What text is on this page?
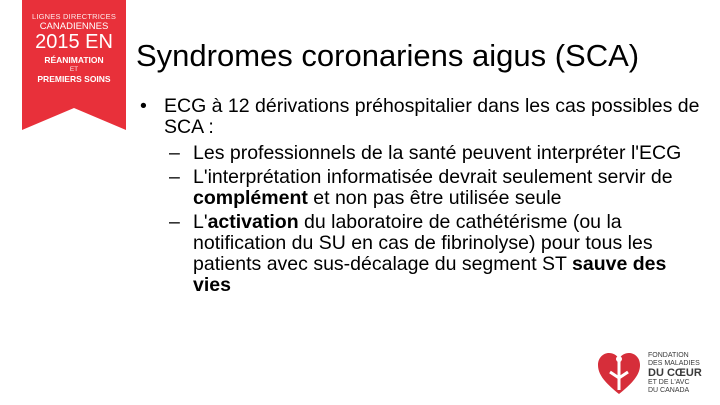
LIGNES DIRECTRICES
CANADIENNES
2015 EN
RÉANIMATION
ET
PREMIERS SOINS
Syndromes coronariens aigus (SCA)
• ECG à 12 dérivations préhospitalier dans les cas possibles de SCA :
– Les professionnels de la santé peuvent interpréter l'ECG
– L'interprétation informatisée devrait seulement servir de complément et non pas être utilisée seule
– L'activation du laboratoire de cathétérisme (ou la notification du SU en cas de fibrinolyse) pour tous les patients avec sus-décalage du segment ST sauve des vies
FONDATION
DES MALADIES
DU CŒUR
ET DE L'AVC
DU CANADA
